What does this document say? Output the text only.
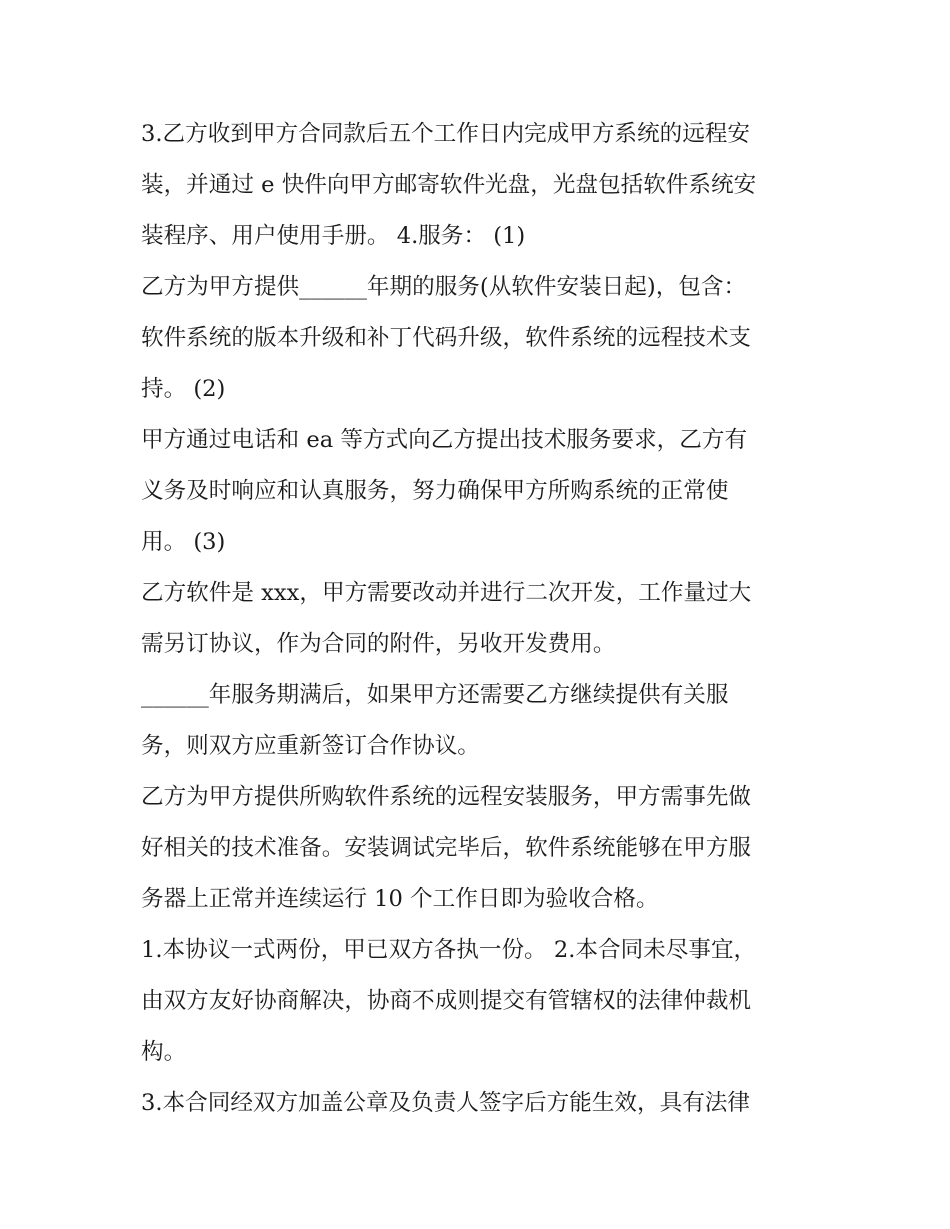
3.乙方收到甲方合同款后五个工作日内完成甲方系统的远程安
装，并通过 e 快件向甲方邮寄软件光盘，光盘包括软件系统安
装程序、用户使用手册。 4.服务： (1)
乙方为甲方提供______年期的服务(从软件安装日起)，包含：
软件系统的版本升级和补丁代码升级，软件系统的远程技术支
持。 (2)
甲方通过电话和 ea 等方式向乙方提出技术服务要求，乙方有
义务及时响应和认真服务，努力确保甲方所购系统的正常使
用。 (3)
乙方软件是 xxx，甲方需要改动并进行二次开发，工作量过大
需另订协议，作为合同的附件，另收开发费用。
______年服务期满后，如果甲方还需要乙方继续提供有关服
务，则双方应重新签订合作协议。
乙方为甲方提供所购软件系统的远程安装服务，甲方需事先做
好相关的技术准备。安装调试完毕后，软件系统能够在甲方服
务器上正常并连续运行 10 个工作日即为验收合格。
1.本协议一式两份，甲已双方各执一份。 2.本合同未尽事宜，
由双方友好协商解决，协商不成则提交有管辖权的法律仲裁机
构。
3.本合同经双方加盖公章及负责人签字后方能生效，具有法律
